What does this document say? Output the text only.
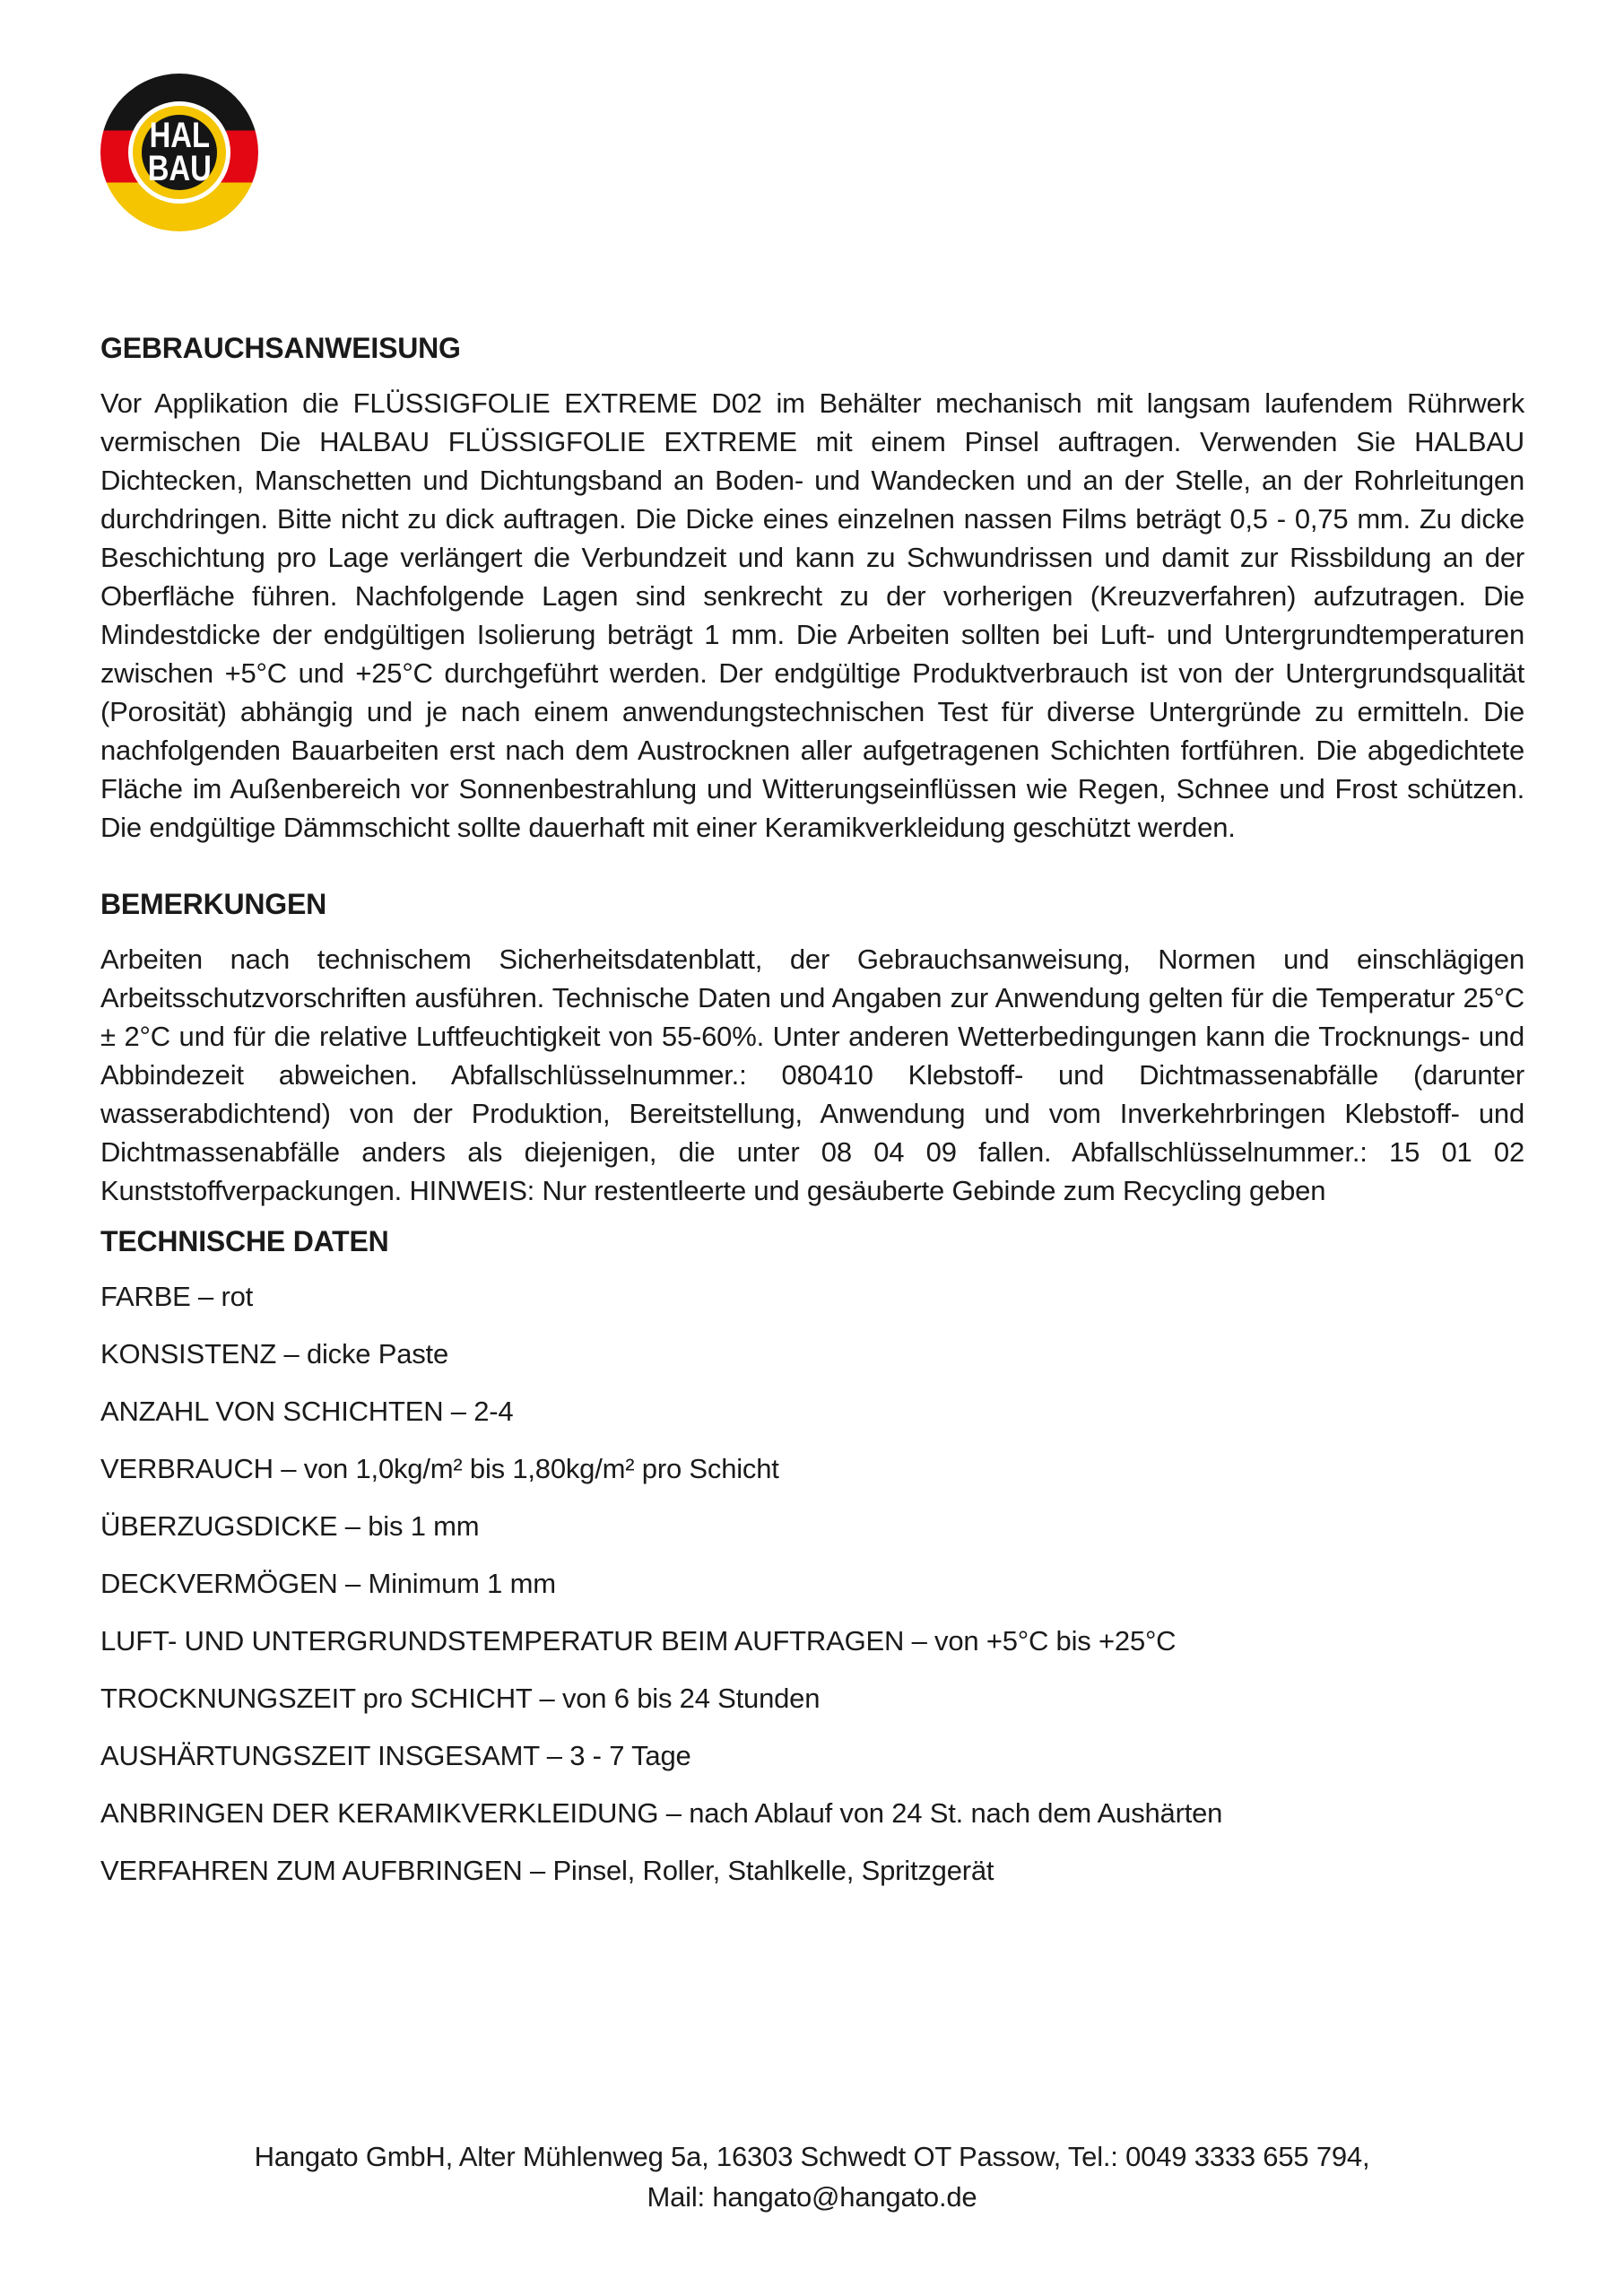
HAL
BAU
GEBRAUCHSANWEISUNG
Vor Applikation die FLÜSSIGFOLIE EXTREME D02 im Behälter mechanisch mit langsam laufendem Rührwerk vermischen Die HALBAU FLÜSSIGFOLIE EXTREME mit einem Pinsel auftragen. Verwenden Sie HALBAU Dichtecken, Manschetten und Dichtungsband an Boden- und Wandecken und an der Stelle, an der Rohrleitungen durchdringen. Bitte nicht zu dick auftragen. Die Dicke eines einzelnen nassen Films beträgt 0,5 - 0,75 mm. Zu dicke Beschichtung pro Lage verlängert die Verbundzeit und kann zu Schwundrissen und damit zur Rissbildung an der Oberfläche führen. Nachfolgende Lagen sind senkrecht zu der vorherigen (Kreuzverfahren) aufzutragen. Die Mindestdicke der endgültigen Isolierung beträgt 1 mm. Die Arbeiten sollten bei Luft- und Untergrundtemperaturen zwischen +5°C und +25°C durchgeführt werden. Der endgültige Produktverbrauch ist von der Untergrundsqualität (Porosität) abhängig und je nach einem anwendungstechnischen Test für diverse Untergründe zu ermitteln. Die nachfolgenden Bauarbeiten erst nach dem Austrocknen aller aufgetragenen Schichten fortführen. Die abgedichtete Fläche im Außenbereich vor Sonnenbestrahlung und Witterungseinflüssen wie Regen, Schnee und Frost schützen. Die endgültige Dämmschicht sollte dauerhaft mit einer Keramikverkleidung geschützt werden.
BEMERKUNGEN
Arbeiten nach technischem Sicherheitsdatenblatt, der Gebrauchsanweisung, Normen und einschlägigen Arbeitsschutzvorschriften ausführen. Technische Daten und Angaben zur Anwendung gelten für die Temperatur 25°C ± 2°C und für die relative Luftfeuchtigkeit von 55-60%. Unter anderen Wetterbedingungen kann die Trocknungs- und Abbindezeit abweichen. Abfallschlüsselnummer.: 080410 Klebstoff- und Dichtmassenabfälle (darunter wasserabdichtend) von der Produktion, Bereitstellung, Anwendung und vom Inverkehrbringen Klebstoff- und Dichtmassenabfälle anders als diejenigen, die unter 08 04 09 fallen. Abfallschlüsselnummer.: 15 01 02 Kunststoffverpackungen. HINWEIS: Nur restentleerte und gesäuberte Gebinde zum Recycling geben
TECHNISCHE DATEN
FARBE – rot
KONSISTENZ – dicke Paste
ANZAHL VON SCHICHTEN – 2-4
VERBRAUCH – von 1,0kg/m² bis 1,80kg/m² pro Schicht
ÜBERZUGSDICKE – bis 1 mm
DECKVERMÖGEN – Minimum 1 mm
LUFT- UND UNTERGRUNDSTEMPERATUR BEIM AUFTRAGEN – von +5°C bis +25°C
TROCKNUNGSZEIT pro SCHICHT – von 6 bis 24 Stunden
AUSHÄRTUNGSZEIT INSGESAMT – 3 - 7 Tage
ANBRINGEN DER KERAMIKVERKLEIDUNG – nach Ablauf von 24 St. nach dem Aushärten
VERFAHREN ZUM AUFBRINGEN – Pinsel, Roller, Stahlkelle, Spritzgerät
Hangato GmbH, Alter Mühlenweg 5a, 16303 Schwedt OT Passow, Tel.: 0049 3333 655 794,
Mail: hangato@hangato.de
